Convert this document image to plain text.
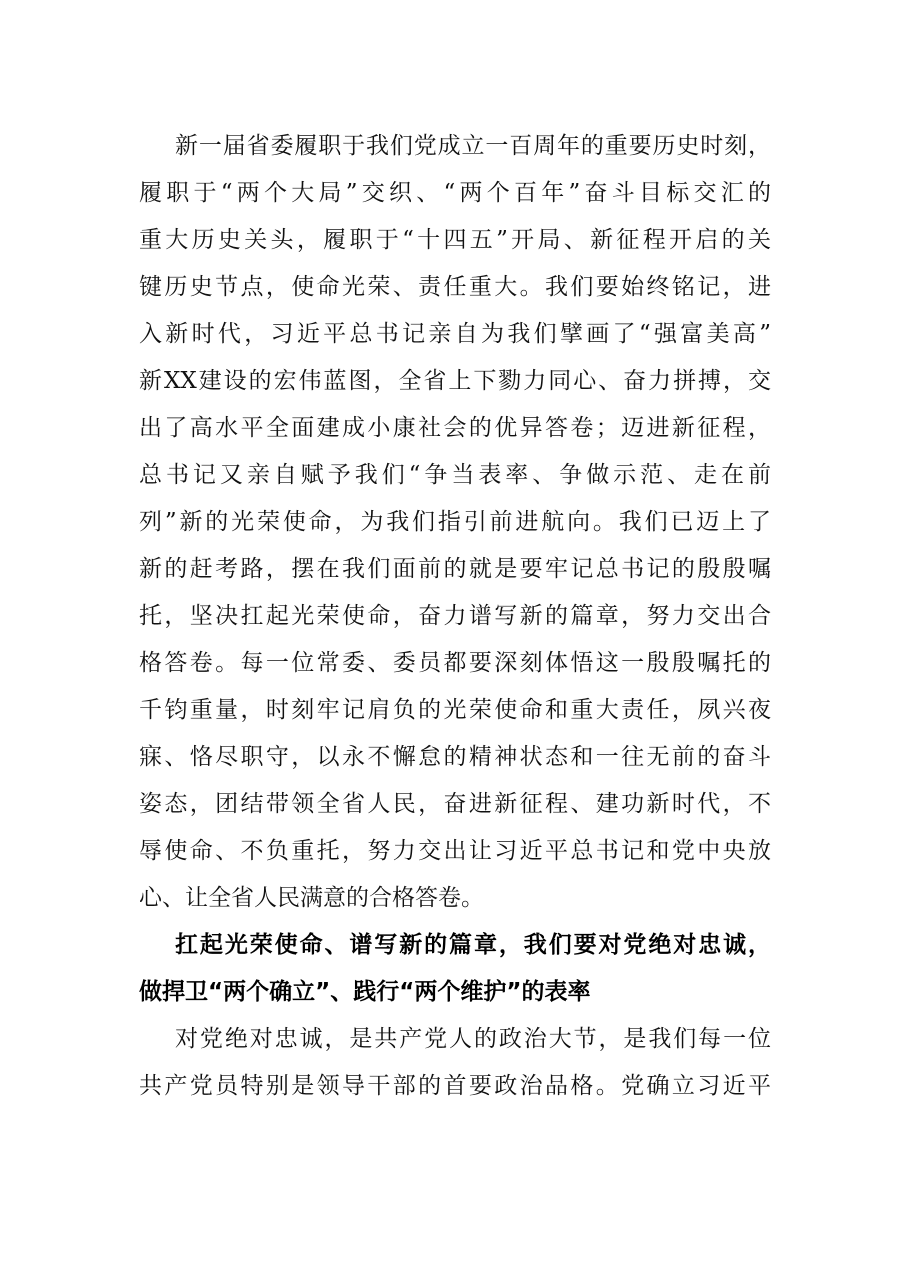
新一届省委履职于我们党成立一百周年的重要历史时刻，
履职于“两个大局”交织、“两个百年”奋斗目标交汇的
重大历史关头，履职于“十四五”开局、新征程开启的关
键历史节点，使命光荣、责任重大。我们要始终铭记，进
入新时代，习近平总书记亲自为我们擘画了“强富美高”
新XX建设的宏伟蓝图，全省上下勠力同心、奋力拼搏，交
出了高水平全面建成小康社会的优异答卷；迈进新征程，
总书记又亲自赋予我们“争当表率、争做示范、走在前
列”新的光荣使命，为我们指引前进航向。我们已迈上了
新的赶考路，摆在我们面前的就是要牢记总书记的殷殷嘱
托，坚决扛起光荣使命，奋力谱写新的篇章，努力交出合
格答卷。每一位常委、委员都要深刻体悟这一殷殷嘱托的
千钧重量，时刻牢记肩负的光荣使命和重大责任，夙兴夜
寐、恪尽职守，以永不懈怠的精神状态和一往无前的奋斗
姿态，团结带领全省人民，奋进新征程、建功新时代，不
辱使命、不负重托，努力交出让习近平总书记和党中央放
心、让全省人民满意的合格答卷。
扛起光荣使命、谱写新的篇章，我们要对党绝对忠诚，
做捍卫“两个确立”、践行“两个维护”的表率
对党绝对忠诚，是共产党人的政治大节，是我们每一位
共产党员特别是领导干部的首要政治品格。党确立习近平
